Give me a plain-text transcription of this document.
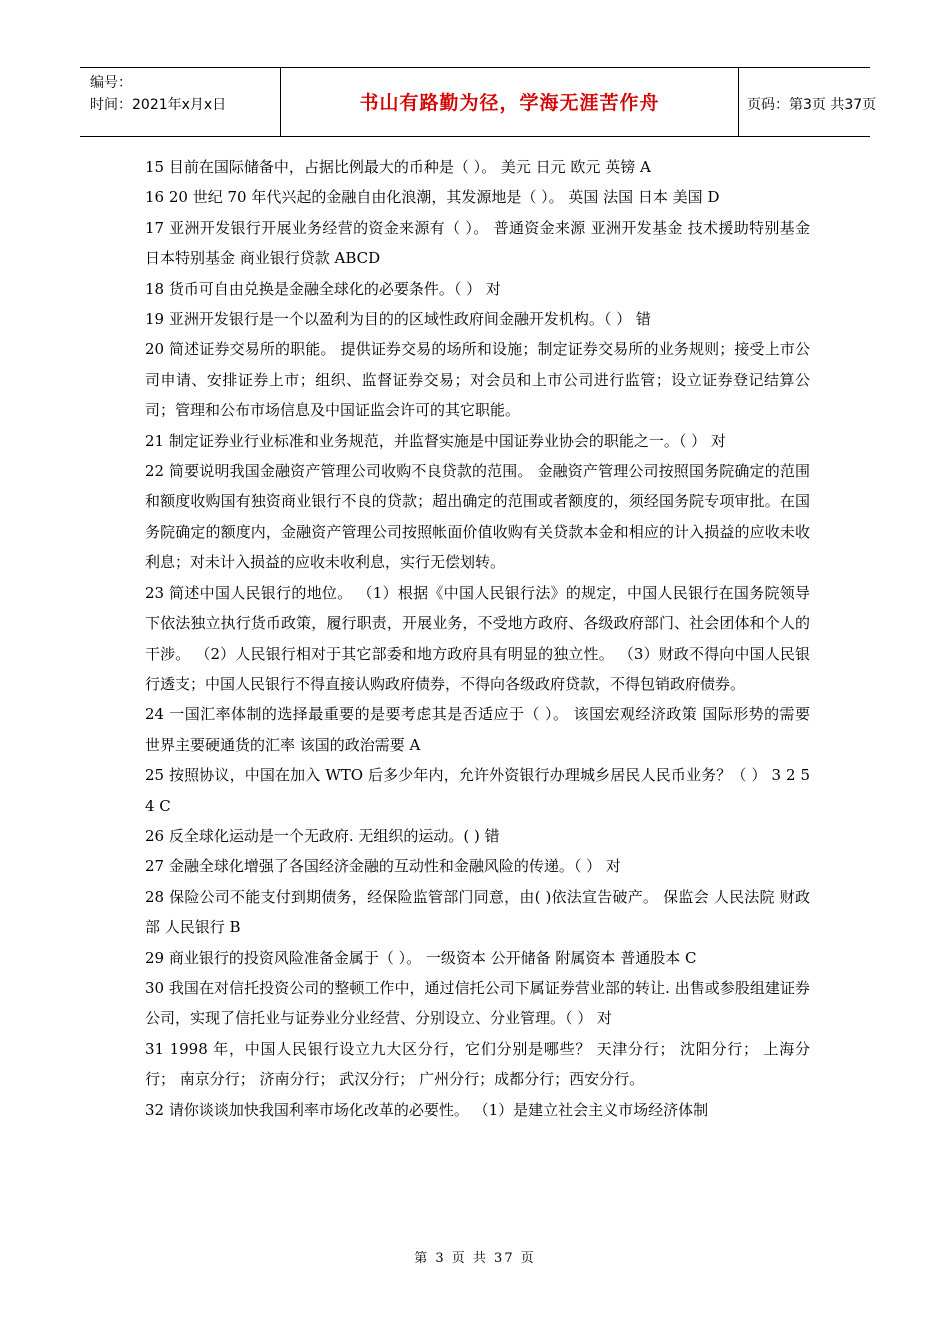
编号：
时间：2021年x月x日	书山有路勤为径，学海无涯苦作舟	页码：第3页 共37页
15 目前在国际储备中，占据比例最大的币种是（ ）。 美元 日元 欧元 英镑 A
16 20 世纪 70 年代兴起的金融自由化浪潮，其发源地是（ ）。 英国 法国 日本 美国 D
17 亚洲开发银行开展业务经营的资金来源有（ ）。 普通资金来源 亚洲开发基金 技术援助特别基金 日本特别基金 商业银行贷款 ABCD
18 货币可自由兑换是金融全球化的必要条件。（ ） 对
19 亚洲开发银行是一个以盈利为目的的区域性政府间金融开发机构。（ ） 错
20 简述证券交易所的职能。 提供证券交易的场所和设施；制定证券交易所的业务规则；接受上市公司申请、安排证券上市；组织、监督证券交易；对会员和上市公司进行监管；设立证券登记结算公司；管理和公布市场信息及中国证监会许可的其它职能。
21 制定证券业行业标准和业务规范，并监督实施是中国证券业协会的职能之一。（ ） 对
22 简要说明我国金融资产管理公司收购不良贷款的范围。 金融资产管理公司按照国务院确定的范围和额度收购国有独资商业银行不良的贷款；超出确定的范围或者额度的，须经国务院专项审批。在国务院确定的额度内，金融资产管理公司按照帐面价值收购有关贷款本金和相应的计入损益的应收未收利息；对未计入损益的应收未收利息，实行无偿划转。
23 简述中国人民银行的地位。 （1）根据《中国人民银行法》的规定，中国人民银行在国务院领导下依法独立执行货币政策，履行职责，开展业务，不受地方政府、各级政府部门、社会团体和个人的干涉。 （2）人民银行相对于其它部委和地方政府具有明显的独立性。 （3）财政不得向中国人民银行透支；中国人民银行不得直接认购政府债券，不得向各级政府贷款，不得包销政府债券。
24 一国汇率体制的选择最重要的是要考虑其是否适应于（ ）。 该国宏观经济政策 国际形势的需要 世界主要硬通货的汇率 该国的政治需要 A
25 按照协议，中国在加入 WTO 后多少年内，允许外资银行办理城乡居民人民币业务？（ ） 3 2 5 4 C
26 反全球化运动是一个无政府. 无组织的运动。( ) 错
27 金融全球化增强了各国经济金融的互动性和金融风险的传递。（ ） 对
28 保险公司不能支付到期债务，经保险监管部门同意，由( )依法宣告破产。 保监会 人民法院 财政部 人民银行 B
29 商业银行的投资风险准备金属于（ ）。 一级资本 公开储备 附属资本 普通股本 C
30 我国在对信托投资公司的整顿工作中，通过信托公司下属证券营业部的转让. 出售或参股组建证券公司，实现了信托业与证券业分业经营、分别设立、分业管理。（ ） 对
31 1998 年，中国人民银行设立九大区分行，它们分别是哪些？ 天津分行； 沈阳分行； 上海分行； 南京分行； 济南分行； 武汉分行； 广州分行；成都分行；西安分行。
32 请你谈谈加快我国利率市场化改革的必要性。 （1）是建立社会主义市场经济体制
第 3 页 共 37 页
